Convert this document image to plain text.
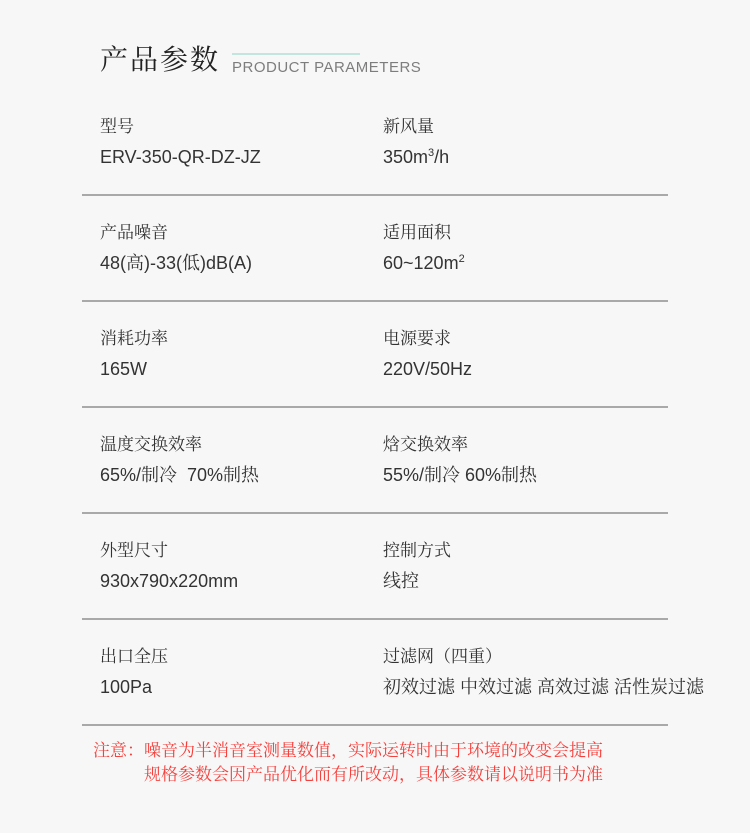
产品参数 PRODUCT PARAMETERS
型号
ERV-350-QR-DZ-JZ
新风量
$350m^3/h$
产品噪音
48(高)-33(低)dB(A)
适用面积
$60\sim 120m^2$
消耗功率
165W
电源要求
220V/50Hz
温度交换效率
65%/制冷  70%制热
焓交换效率
55%/制冷 60%制热
外型尺寸
930x790x220mm
控制方式
线控
出口全压
100Pa
过滤网（四重）
初效过滤 中效过滤 高效过滤 活性炭过滤
注意： 噪音为半消音室测量数值，实际运转时由于环境的改变会提高
规格参数会因产品优化而有所改动，具体参数请以说明书为准
